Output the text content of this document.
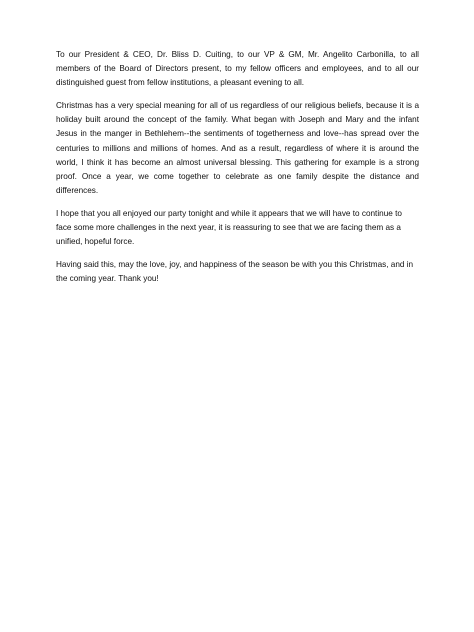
To our President & CEO, Dr. Bliss D. Cuiting, to our VP & GM, Mr. Angelito Carbonilla, to all members of the Board of Directors present, to my fellow officers and employees, and to all our distinguished guest from fellow institutions, a pleasant evening to all.

Christmas has a very special meaning for all of us regardless of our religious beliefs, because it is a holiday built around the concept of the family. What began with Joseph and Mary and the infant Jesus in the manger in Bethlehem--the sentiments of togetherness and love--has spread over the centuries to millions and millions of homes. And as a result, regardless of where it is around the world, I think it has become an almost universal blessing. This gathering for example is a strong proof. Once a year, we come together to celebrate as one family despite the distance and differences.

I hope that you all enjoyed our party tonight and while it appears that we will have to continue to face some more challenges in the next year, it is reassuring to see that we are facing them as a unified, hopeful force.

Having said this, may the love, joy, and happiness of the season be with you this Christmas, and in the coming year. Thank you!
